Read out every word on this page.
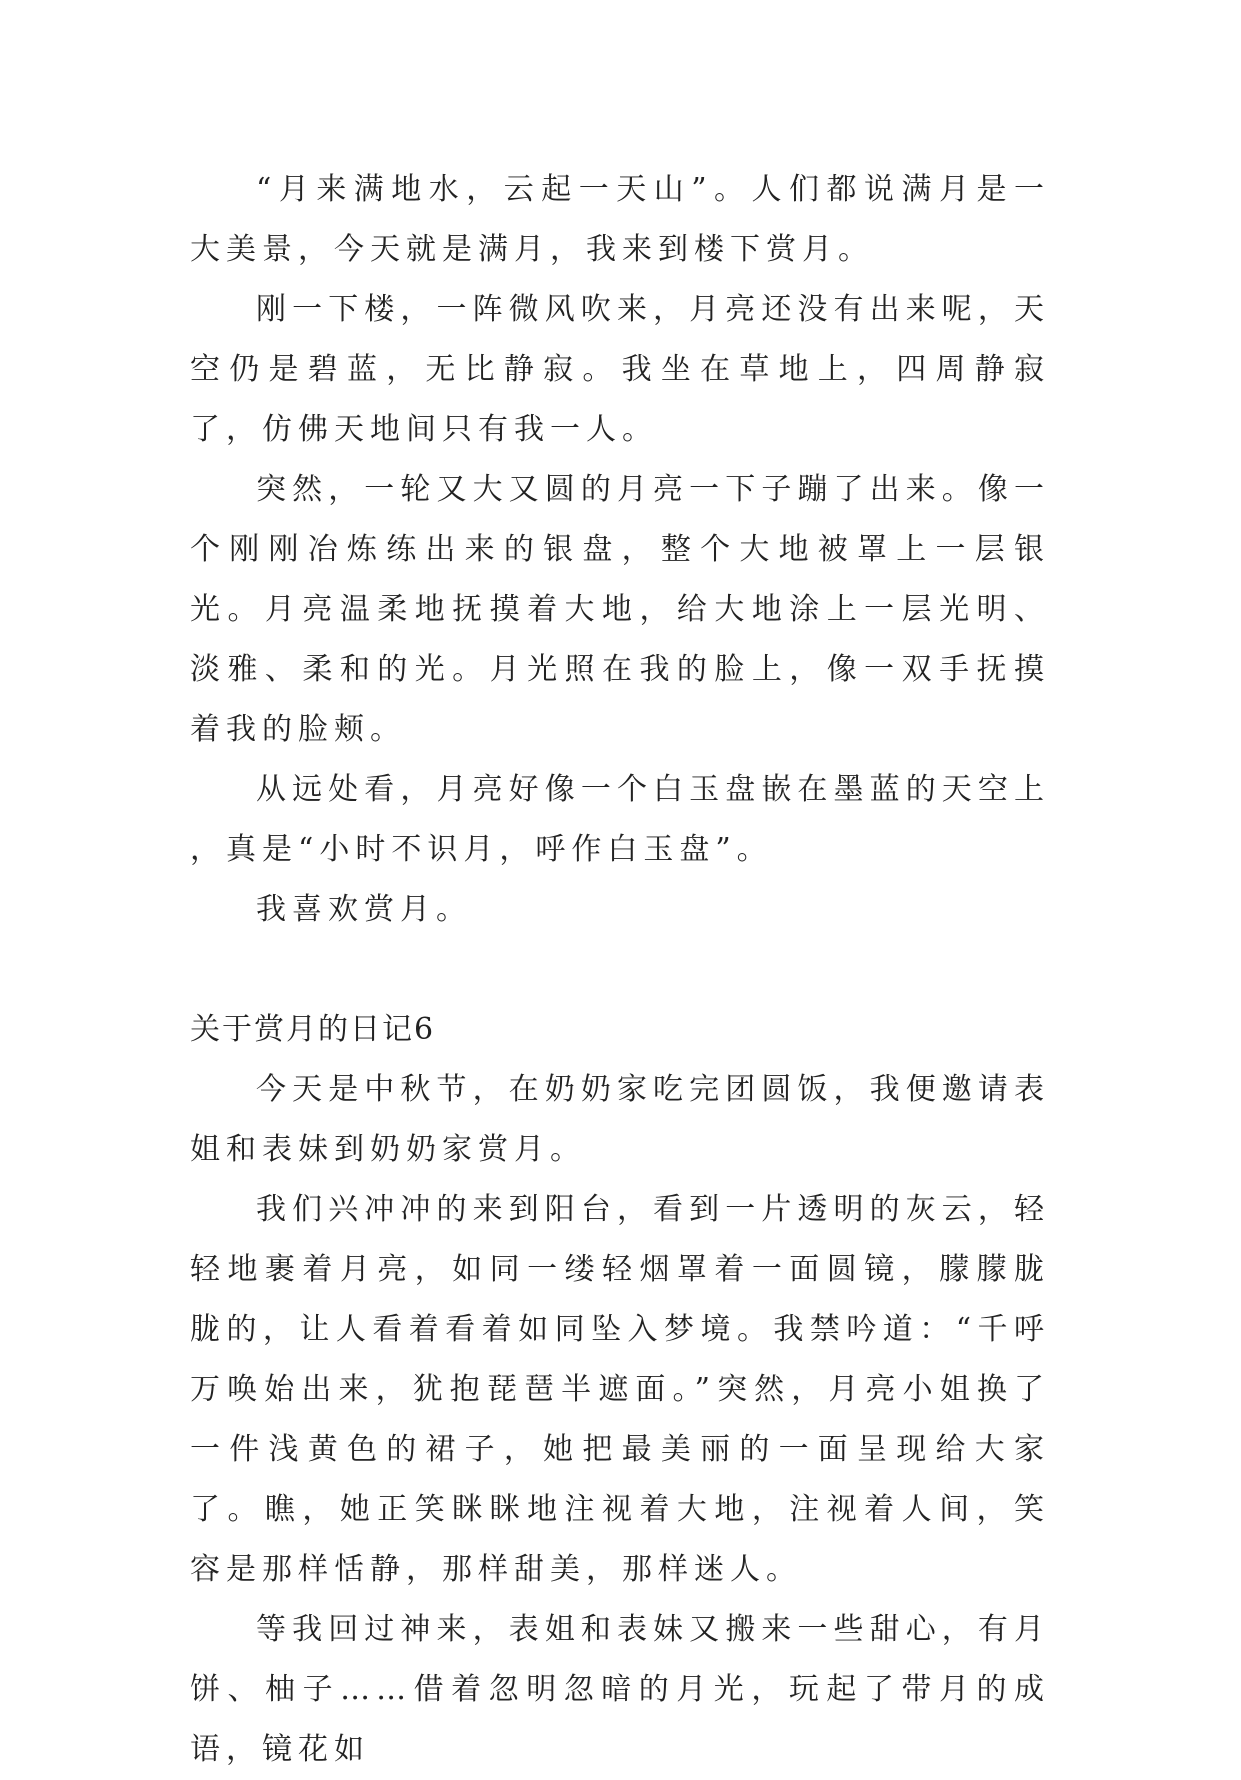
“月来满地水，云起一天山”。人们都说满月是一大美景，今天就是满月，我来到楼下赏月。

刚一下楼，一阵微风吹来，月亮还没有出来呢，天空仍是碧蓝，无比静寂。我坐在草地上，四周静寂了，仿佛天地间只有我一人。

突然，一轮又大又圆的月亮一下子蹦了出来。像一个刚刚冶炼练出来的银盘，整个大地被罩上一层银光。月亮温柔地抚摸着大地，给大地涂上一层光明、淡雅、柔和的光。月光照在我的脸上，像一双手抚摸着我的脸颊。

从远处看，月亮好像一个白玉盘嵌在墨蓝的天空上 ，真是“小时不识月，呼作白玉盘”。

我喜欢赏月。

关于赏月的日记6

今天是中秋节，在奶奶家吃完团圆饭，我便邀请表姐和表妹到奶奶家赏月。

我们兴冲冲的来到阳台，看到一片透明的灰云，轻轻地裹着月亮，如同一缕轻烟罩着一面圆镜，朦朦胧胧的，让人看着看着如同坠入梦境。我禁吟道：“千呼万唤始出来，犹抱琵琶半遮面。”突然，月亮小姐换了一件浅黄色的裙子，她把最美丽的一面呈现给大家了。瞧，她正笑眯眯地注视着大地，注视着人间，笑容是那样恬静，那样甜美，那样迷人。

等我回过神来，表姐和表妹又搬来一些甜心，有月饼、柚子……借着忽明忽暗的月光，玩起了带月的成语，镜花如
